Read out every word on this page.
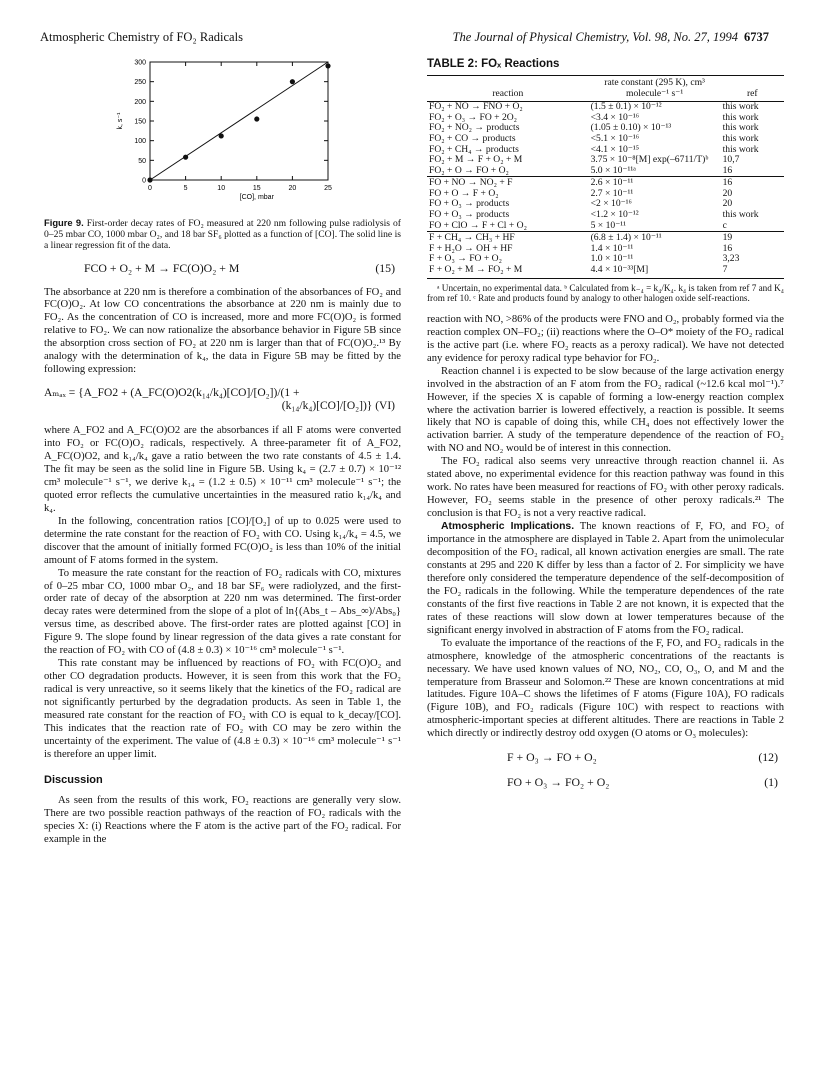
Atmospheric Chemistry of FO₂ Radicals	The Journal of Physical Chemistry, Vol. 98, No. 27, 1994 6737
0	5	10	15	20	25
0
50
100
150
200
250
300
[CO], mbar
k, s⁻¹
Figure 9. First-order decay rates of FO₂ measured at 220 nm following pulse radiolysis of 0–25 mbar CO, 1000 mbar O₂, and 18 bar SF₆ plotted as a function of [CO]. The solid line is a linear regression fit of the data.
FCO + O₂ + M → FC(O)O₂ + M	(15)

The absorbance at 220 nm is therefore a combination of the absorbances of FO₂ and FC(O)O₂. At low CO concentrations the absorbance at 220 nm is mainly due to FO₂. As the concentration of CO is increased, more and more FC(O)O₂ is formed relative to FO₂. We can now rationalize the absorbance behavior in Figure 5B since the absorption cross section of FO₂ at 220 nm is larger than that of FC(O)O₂.¹³ By analogy with the determination of k₄, the data in Figure 5B may be fitted by the following expression:

Aₘₐₓ = {A_FO2 + (A_FC(O)O2(k₁₄/k₄)[CO]/[O₂])/(1 +
(k₁₄/k₄)[CO]/[O₂])} (VI)

where A_FO2 and A_FC(O)O2 are the absorbances if all F atoms were converted into FO₂ or FC(O)O₂ radicals, respectively. A three-parameter fit of A_FO2, A_FC(O)O2, and k₁₄/k₄ gave a ratio between the two rate constants of 4.5 ± 1.4. The fit may be seen as the solid line in Figure 5B. Using k₄ = (2.7 ± 0.7) × 10⁻¹² cm³ molecule⁻¹ s⁻¹, we derive k₁₄ = (1.2 ± 0.5) × 10⁻¹¹ cm³ molecule⁻¹ s⁻¹; the quoted error reflects the cumulative uncertainties in the measured ratio k₁₄/k₄ and k₄.

In the following, concentration ratios [CO]/[O₂] of up to 0.025 were used to determine the rate constant for the reaction of FO₂ with CO. Using k₁₄/k₄ = 4.5, we discover that the amount of initially formed FC(O)O₂ is less than 10% of the initial amount of F atoms formed in the system.

To measure the rate constant for the reaction of FO₂ radicals with CO, mixtures of 0–25 mbar CO, 1000 mbar O₂, and 18 bar SF₆ were radiolyzed, and the first-order rate of decay of the absorption at 220 nm was determined. The first-order decay rates were determined from the slope of a plot of ln{(Abs_t – Abs_∞)/Abs₀} versus time, as described above. The first-order rates are plotted against [CO] in Figure 9. The slope found by linear regression of the data gives a rate constant for the reaction of FO₂ with CO of (4.8 ± 0.3) × 10⁻¹⁶ cm³ molecule⁻¹ s⁻¹.

This rate constant may be influenced by reactions of FO₂ with FC(O)O₂ and other CO degradation products. However, it is seen from this work that the FO₂ radical is very unreactive, so it seems likely that the kinetics of the FO₂ radical are not significantly perturbed by the degradation products. As seen in Table 1, the measured rate constant for the reaction of FO₂ with CO is equal to k_decay/[CO]. This indicates that the reaction rate of FO₂ with CO may be zero within the uncertainty of the experiment. The value of (4.8 ± 0.3) × 10⁻¹⁶ cm³ molecule⁻¹ s⁻¹ is therefore an upper limit.

Discussion

As seen from the results of this work, FO₂ reactions are generally very slow. There are two possible reaction pathways of the reaction of FO₂ radicals with the species X: (i) Reactions where the F atom is the active part of the FO₂ radical. For example in the

TABLE 2: FOₓ Reactions
reaction	rate constant (295 K), cm³ molecule⁻¹ s⁻¹	ref
FO₂ + NO → FNO + O₂	(1.5 ± 0.1) × 10⁻¹²	this work
FO₂ + O₃ → FO + 2O₂	<3.4 × 10⁻¹⁶	this work
FO₂ + NO₂ → products	(1.05 ± 0.10) × 10⁻¹³	this work
FO₂ + CO → products	<5.1 × 10⁻¹⁶	this work
FO₂ + CH₄ → products	<4.1 × 10⁻¹⁵	this work
FO₂ + M → F + O₂ + M	3.75 × 10⁻⁸[M] exp(–6711/T)ᵇ	10,7
FO₂ + O → FO + O₂	5.0 × 10⁻¹¹ᵃ	16
FO + NO → NO₂ + F	2.6 × 10⁻¹¹	16
FO + O → F + O₂	2.7 × 10⁻¹¹	20
FO + O₃ → products	<2 × 10⁻¹⁶	20
FO + O₃ → products	<1.2 × 10⁻¹²	this work
FO + ClO → F + Cl + O₂	5 × 10⁻¹¹	c
F + CH₄ → CH₃ + HF	(6.8 ± 1.4) × 10⁻¹¹	19
F + H₂O → OH + HF	1.4 × 10⁻¹¹	16
F + O₃ → FO + O₂	1.0 × 10⁻¹¹	3,23
F + O₂ + M → FO₂ + M	4.4 × 10⁻³³[M]	7
ᵃ Uncertain, no experimental data. ᵇ Calculated from k₋₄ = k₄/K₄. k₄ is taken from ref 7 and K₄ from ref 10. ᶜ Rate and products found by analogy to other halogen oxide self-reactions.

reaction with NO, >86% of the products were FNO and O₂, probably formed via the reaction complex ON–FO₂; (ii) reactions where the O–O* moiety of the FO₂ radical is the active part (i.e. where FO₂ reacts as a peroxy radical). We have not detected any evidence for peroxy radical type behavior for FO₂.

Reaction channel i is expected to be slow because of the large activation energy involved in the abstraction of an F atom from the FO₂ radical (~12.6 kcal mol⁻¹).⁷ However, if the species X is capable of forming a low-energy reaction complex where the activation barrier is lowered effectively, a reaction is possible. It seems likely that NO is capable of doing this, while CH₄ does not effectively lower the activation barrier. A study of the temperature dependence of the reaction of FO₂ with NO and NO₂ would be of interest in this connection.

The FO₂ radical also seems very unreactive through reaction channel ii. As stated above, no experimental evidence for this reaction pathway was found in this work. No rates have been measured for reactions of FO₂ with other peroxy radicals. However, FO₂ seems stable in the presence of other peroxy radicals.²¹ The conclusion is that FO₂ is not a very reactive radical.

Atmospheric Implications. The known reactions of F, FO, and FO₂ of importance in the atmosphere are displayed in Table 2. Apart from the unimolecular decomposition of the FO₂ radical, all known activation energies are small. The rate constants at 295 and 220 K differ by less than a factor of 2. For simplicity we have therefore only considered the temperature dependence of the self-decomposition of the FO₂ radicals in the following. While the temperature dependences of the rate constants of the first five reactions in Table 2 are not known, it is expected that the rates of these reactions will slow down at lower temperatures because of the significant energy involved in abstraction of F atoms from the FO₂ radical.

To evaluate the importance of the reactions of the F, FO, and FO₂ radicals in the atmosphere, knowledge of the atmospheric concentrations of the reactants is necessary. We have used known values of NO, NO₂, CO, O₃, O, and M and the temperature from Brasseur and Solomon.²² These are known concentrations at mid latitudes. Figure 10A–C shows the lifetimes of F atoms (Figure 10A), FO radicals (Figure 10B), and FO₂ radicals (Figure 10C) with respect to reactions with atmospheric-important species at different altitudes. There are reactions in Table 2 which directly or indirectly destroy odd oxygen (O atoms or O₃ molecules):

F + O₃ → FO + O₂	(12)
FO + O₃ → FO₂ + O₂	(1)
